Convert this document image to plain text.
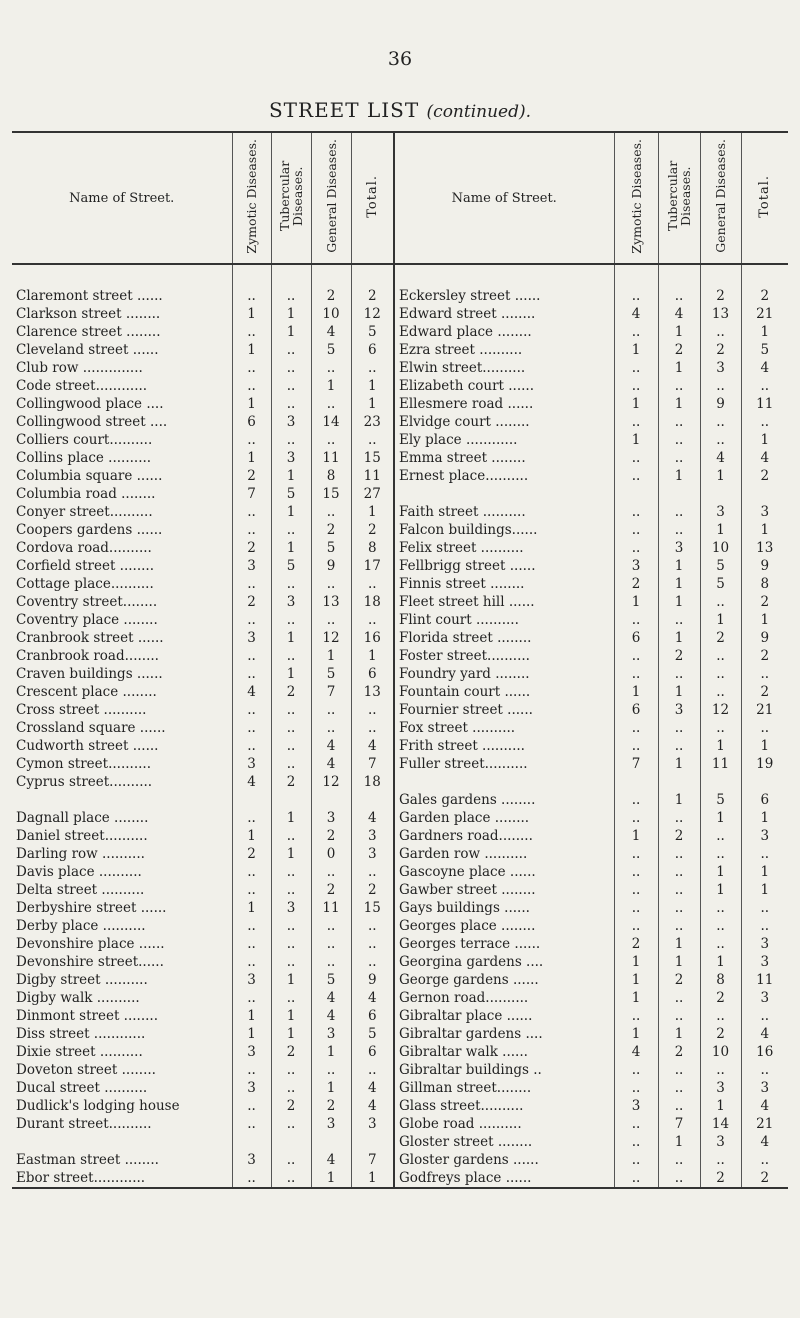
36
STREET LIST (continued).
Name of Street.	Zymotic Diseases.	Tubercular Diseases.	General Diseases.	Total.	Name of Street.	Zymotic Diseases.	Tubercular Diseases.	General Diseases.	Total.

Claremont street ......	..	..	2	2	Eckersley street ......	..	..	2	2
Clarkson street ........	1	1	10	12	Edward street ........	4	4	13	21
Clarence street ........	..	1	4	5	Edward place ........	..	1	..	1
Cleveland street ......	1	..	5	6	Ezra street ..........	1	2	2	5
Club row ..............	..	..	..	..	Elwin street..........	..	1	3	4
Code street............	..	..	1	1	Elizabeth court ......	..	..	..	..
Collingwood place ....	1	..	..	1	Ellesmere road ......	1	1	9	11
Collingwood street ....	6	3	14	23	Elvidge court ........	..	..	..	..
Colliers court..........	..	..	..	..	Ely place ............	1	..	..	1
Collins place ..........	1	3	11	15	Emma street ........	..	..	4	4
Columbia square ......	2	1	8	11	Ernest place..........	..	1	1	2
Columbia road ........	7	5	15	27					
Conyer street..........	..	1	..	1	Faith street ..........	..	..	3	3
Coopers gardens ......	..	..	2	2	Falcon buildings......	..	..	1	1
Cordova road..........	2	1	5	8	Felix street ..........	..	3	10	13
Corfield street ........	3	5	9	17	Fellbrigg street ......	3	1	5	9
Cottage place..........	..	..	..	..	Finnis street ........	2	1	5	8
Coventry street........	2	3	13	18	Fleet street hill ......	1	1	..	2
Coventry place ........	..	..	..	..	Flint court ..........	..	..	1	1
Cranbrook street ......	3	1	12	16	Florida street ........	6	1	2	9
Cranbrook road........	..	..	1	1	Foster street..........	..	2	..	2
Craven buildings ......	..	1	5	6	Foundry yard ........	..	..	..	..
Crescent place ........	4	2	7	13	Fountain court ......	1	1	..	2
Cross street ..........	..	..	..	..	Fournier street ......	6	3	12	21
Crossland square ......	..	..	..	..	Fox street ..........	..	..	..	..
Cudworth street ......	..	..	4	4	Frith street ..........	..	..	1	1
Cymon street..........	3	..	4	7	Fuller street..........	7	1	11	19
Cyprus street..........	4	2	12	18					
					Gales gardens ........	..	1	5	6
Dagnall place ........	..	1	3	4	Garden place ........	..	..	1	1
Daniel street..........	1	..	2	3	Gardners road........	1	2	..	3
Darling row ..........	2	1	0	3	Garden row ..........	..	..	..	..
Davis place ..........	..	..	..	..	Gascoyne place ......	..	..	1	1
Delta street ..........	..	..	2	2	Gawber street ........	..	..	1	1
Derbyshire street ......	1	3	11	15	Gays buildings ......	..	..	..	..
Derby place ..........	..	..	..	..	Georges place ........	..	..	..	..
Devonshire place ......	..	..	..	..	Georges terrace ......	2	1	..	3
Devonshire street......	..	..	..	..	Georgina gardens ....	1	1	1	3
Digby street ..........	3	1	5	9	George gardens ......	1	2	8	11
Digby walk ..........	..	..	4	4	Gernon road..........	1	..	2	3
Dinmont street ........	1	1	4	6	Gibraltar place ......	..	..	..	..
Diss street ............	1	1	3	5	Gibraltar gardens ....	1	1	2	4
Dixie street ..........	3	2	1	6	Gibraltar walk ......	4	2	10	16
Doveton street ........	..	..	..	..	Gibraltar buildings ..	..	..	..	..
Ducal street ..........	3	..	1	4	Gillman street........	..	..	3	3
Dudlick's lodging house	..	2	2	4	Glass street..........	3	..	1	4
Durant street..........	..	..	3	3	Globe road ..........	..	7	14	21
					Gloster street ........	..	1	3	4
Eastman street ........	3	..	4	7	Gloster gardens ......	..	..	..	..
Ebor street............	..	..	1	1	Godfreys place ......	..	..	2	2
